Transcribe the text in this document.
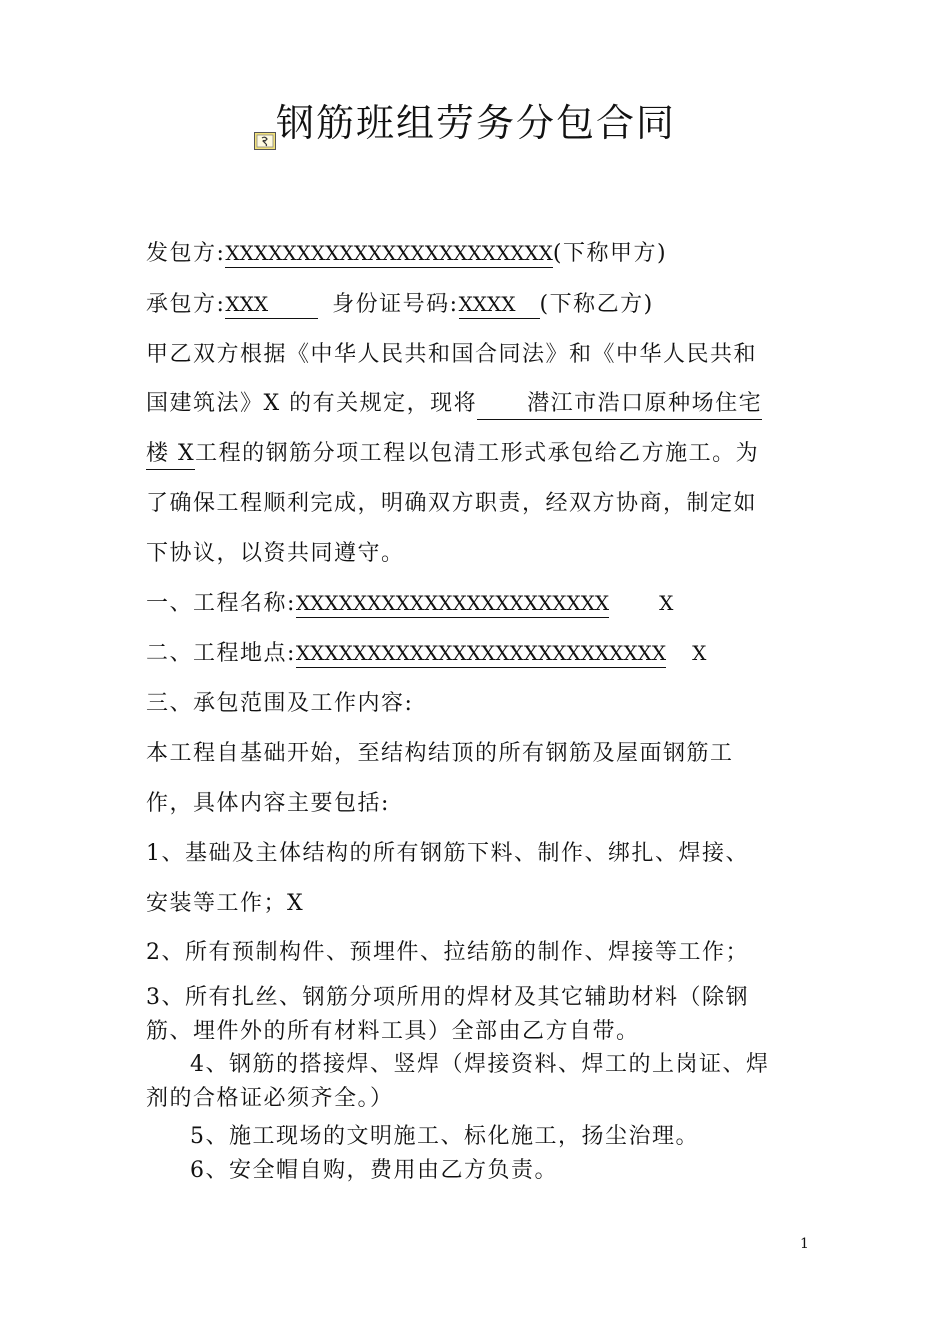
钢筋班组劳务分包合同
发包方:XXXXXXXXXXXXXXXXXXXXXXX(下称甲方)
承包方:XXX	身份证号码:XXXX (下称乙方)
甲乙双方根据《中华人民共和国合同法》和《中华人民共和
国建筑法》X 的有关规定，现将 潜江市浩口原种场住宅
楼 X工程的钢筋分项工程以包清工形式承包给乙方施工。为
了确保工程顺利完成，明确双方职责，经双方协商，制定如
下协议，以资共同遵守。
一、工程名称:XXXXXXXXXXXXXXXXXXXXXX	X
二、工程地点:XXXXXXXXXXXXXXXXXXXXXXXXXX X
三、承包范围及工作内容:
本工程自基础开始，至结构结顶的所有钢筋及屋面钢筋工
作，具体内容主要包括:
1、基础及主体结构的所有钢筋下料、制作、绑扎、焊接、
安装等工作；X
2、所有预制构件、预埋件、拉结筋的制作、焊接等工作；
3、所有扎丝、钢筋分项所用的焊材及其它辅助材料（除钢
筋、埋件外的所有材料工具）全部由乙方自带。
4、钢筋的搭接焊、竖焊（焊接资料、焊工的上岗证、焊
剂的合格证必须齐全。）
5、施工现场的文明施工、标化施工，扬尘治理。
6、安全帽自购，费用由乙方负责。
1
